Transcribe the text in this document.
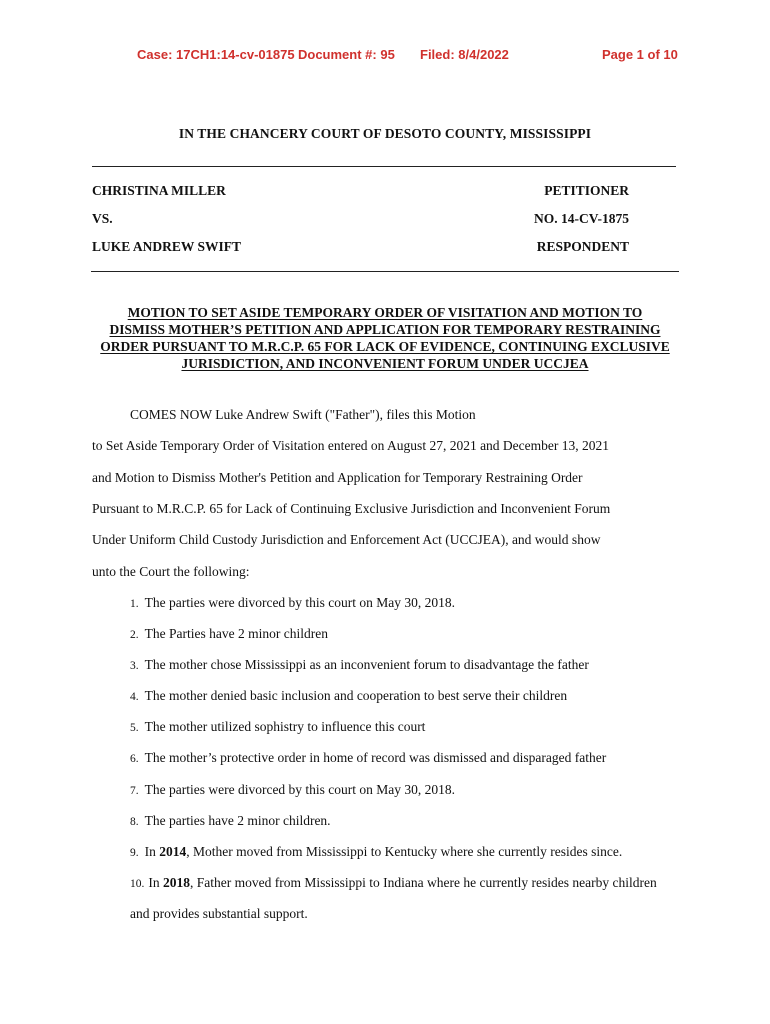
Case: 17CH1:14-cv-01875 Document #: 95 Filed: 8/4/2022	Page 1 of 10
IN THE CHANCERY COURT OF DESOTO COUNTY, MISSISSIPPI
CHRISTINA MILLER	PETITIONER
VS.	NO. 14-CV-1875
LUKE ANDREW SWIFT	RESPONDENT
MOTION TO SET ASIDE TEMPORARY ORDER OF VISITATION AND MOTION TO
DISMISS MOTHER’S PETITION AND APPLICATION FOR TEMPORARY RESTRAINING
ORDER PURSUANT TO M.R.C.P. 65 FOR LACK OF EVIDENCE, CONTINUING EXCLUSIVE
JURISDICTION, AND INCONVENIENT FORUM UNDER UCCJEA
COMES NOW Luke Andrew Swift ("Father"), files this Motion
to Set Aside Temporary Order of Visitation entered on August 27, 2021 and December 13, 2021
and Motion to Dismiss Mother's Petition and Application for Temporary Restraining Order
Pursuant to M.R.C.P. 65 for Lack of Continuing Exclusive Jurisdiction and Inconvenient Forum
Under Uniform Child Custody Jurisdiction and Enforcement Act (UCCJEA), and would show
unto the Court the following:
1. The parties were divorced by this court on May 30, 2018.
2. The Parties have 2 minor children
3. The mother chose Mississippi as an inconvenient forum to disadvantage the father
4. The mother denied basic inclusion and cooperation to best serve their children
5. The mother utilized sophistry to influence this court
6. The mother’s protective order in home of record was dismissed and disparaged father
7. The parties were divorced by this court on May 30, 2018.
8. The parties have 2 minor children.
9. In 2014, Mother moved from Mississippi to Kentucky where she currently resides since.
10. In 2018, Father moved from Mississippi to Indiana where he currently resides nearby children
and provides substantial support.
